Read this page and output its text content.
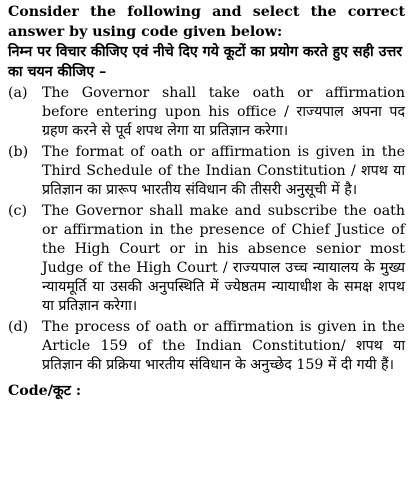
Consider the following and select the correct answer by using code given below:

निम्न पर विचार कीजिए एवं नीचे दिए गये कूटों का प्रयोग करते हुए सही उत्तर का चयन कीजिए –

(a)	The Governor shall take oath or affirmation before entering upon his office / राज्यपाल अपना पद ग्रहण करने से पूर्व शपथ लेगा या प्रतिज्ञान करेगा।
(b) The format of oath or affirmation is given in the Third Schedule of the Indian Constitution / शपथ या प्रतिज्ञान का प्रारूप भारतीय संविधान की तीसरी अनुसूची में है।
(c)	The Governor shall make and subscribe the oath or affirmation in the presence of Chief Justice of the High Court or in his absence senior most Judge of the High Court / राज्यपाल उच्च न्यायालय के मुख्य न्यायमूर्ति या उसकी अनुपस्थिति में ज्येष्ठतम न्यायाधीश के समक्ष शपथ या प्रतिज्ञान करेगा।
(d) The process of oath or affirmation is given in the Article 159 of the Indian Constitution/ शपथ या प्रतिज्ञान की प्रक्रिया भारतीय संविधान के अनुच्छेद 159 में दी गयी हैं।
Code/कूट :
